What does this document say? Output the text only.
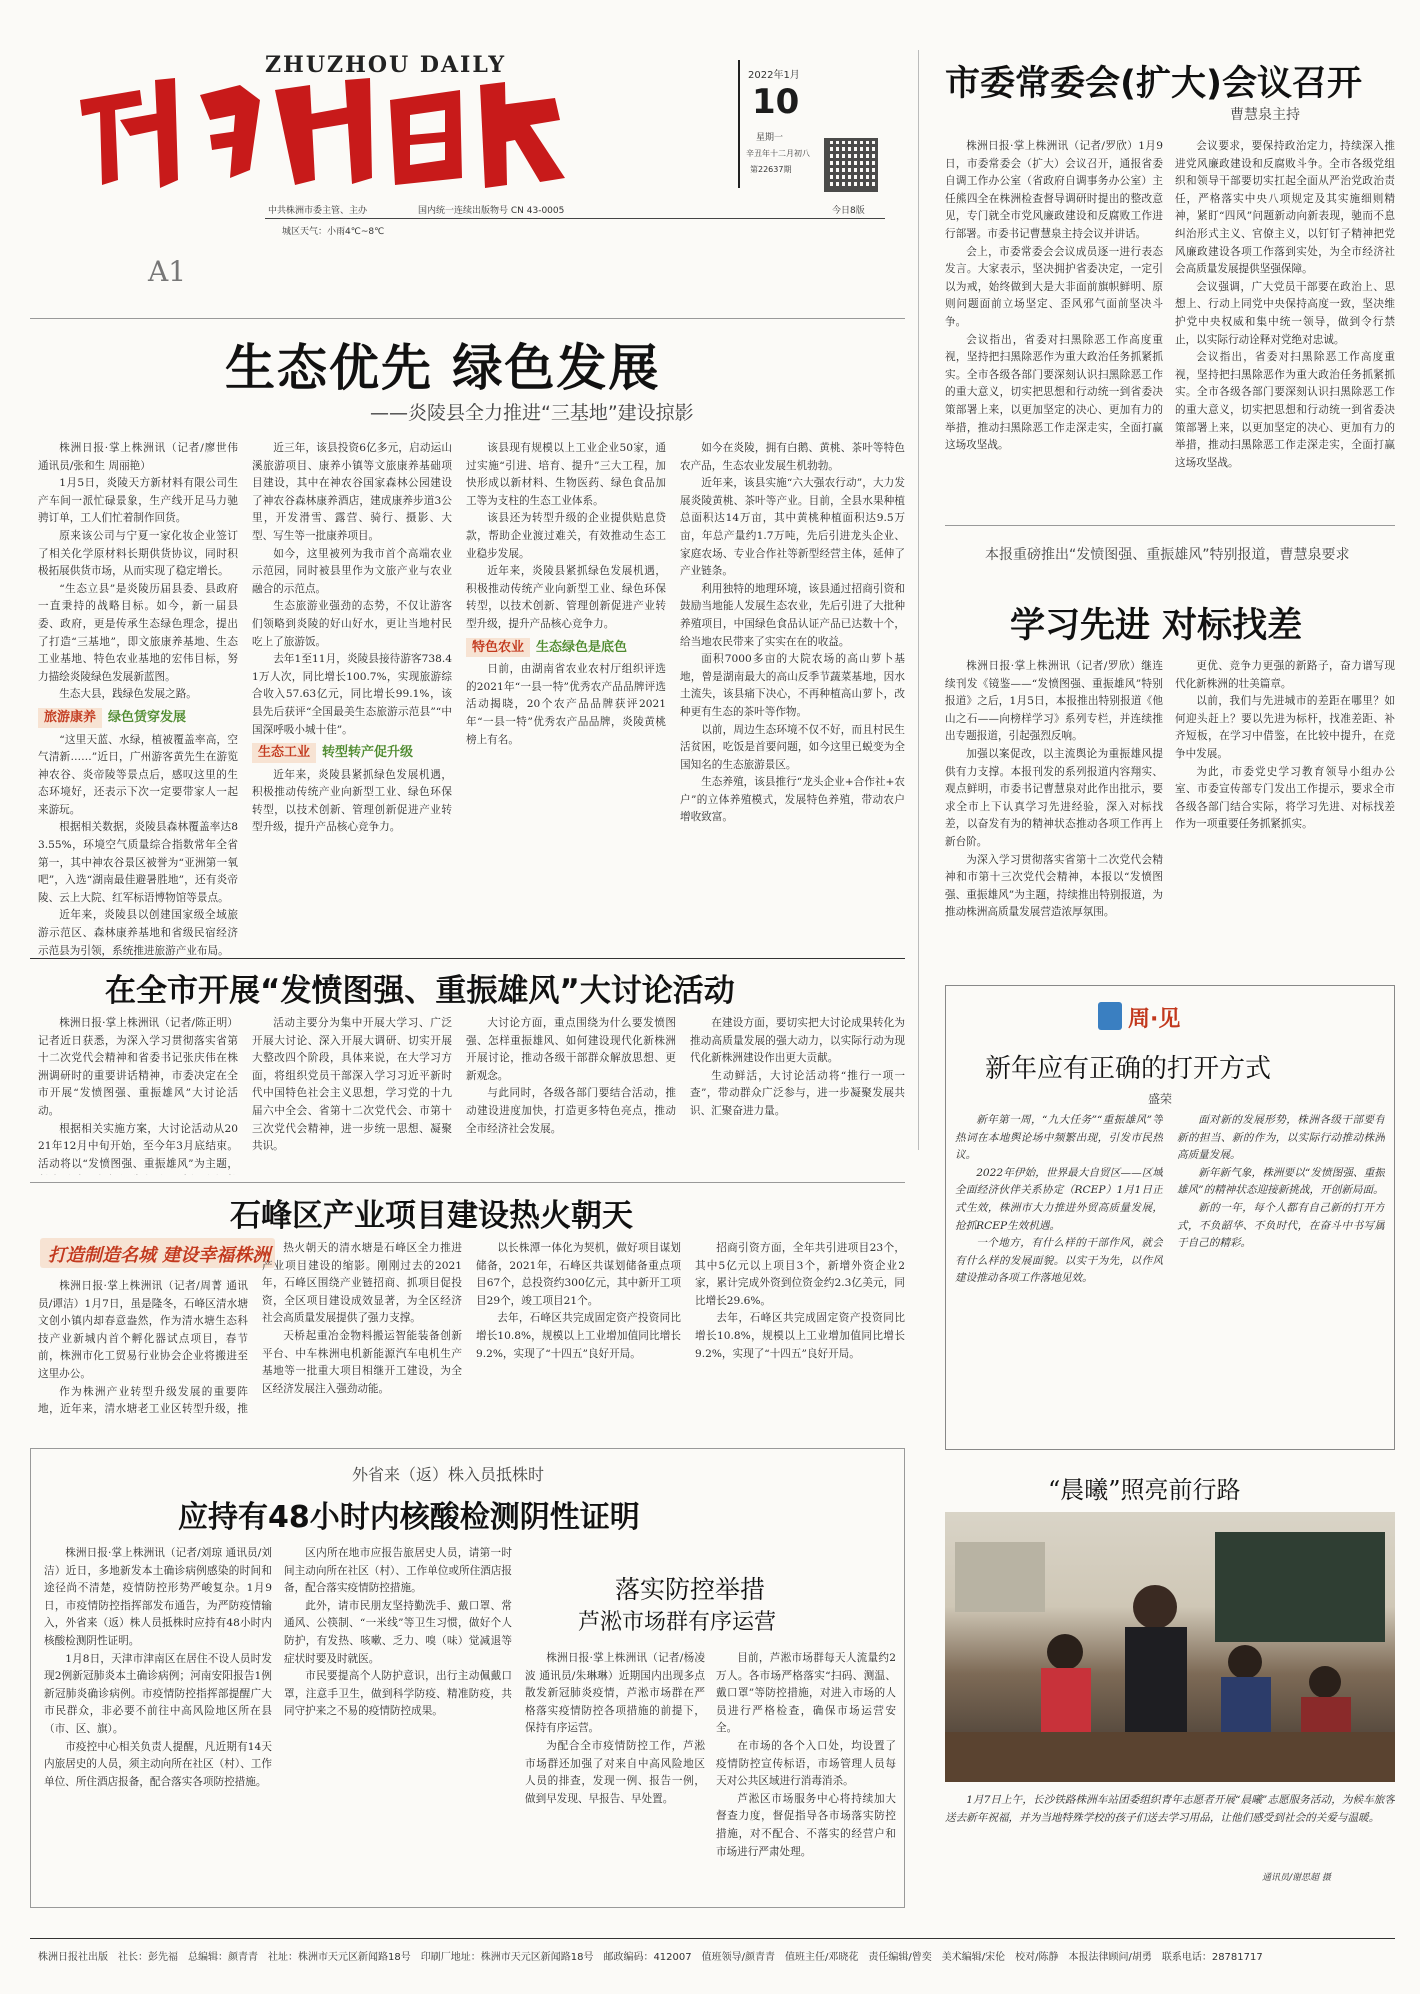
ZHUZHOU DAILY
A1
2022年1月
10
星期一
辛丑年十二月初八
第22637期
中共株洲市委主管、主办	国内统一连续出版物号 CN 43-0005
城区天气：小雨4℃~8℃
今日8版
市委常委会(扩大)会议召开
曹慧泉主持

株洲日报·掌上株洲讯（记者/罗欣）1月9日，市委常委会（扩大）会议召开，通报省委自调工作办公室（省政府自调事务办公室）主任熊四全在株洲检查督导调研时提出的整改意见，专门就全市党风廉政建设和反腐败工作进行部署。市委书记曹慧泉主持会议并讲话。

会上，市委常委会会议成员逐一进行表态发言。大家表示，坚决拥护省委决定，一定引以为戒，始终做到大是大非面前旗帜鲜明、原则问题面前立场坚定、歪风邪气面前坚决斗争。

会议指出，省委对扫黑除恶工作高度重视，坚持把扫黑除恶作为重大政治任务抓紧抓实。全市各级各部门要深刻认识扫黑除恶工作的重大意义，切实把思想和行动统一到省委决策部署上来，以更加坚定的决心、更加有力的举措，推动扫黑除恶工作走深走实，全面打赢这场攻坚战。

会议要求，要保持政治定力，持续深入推进党风廉政建设和反腐败斗争。全市各级党组织和领导干部要切实扛起全面从严治党政治责任，严格落实中央八项规定及其实施细则精神，紧盯“四风”问题新动向新表现，驰而不息纠治形式主义、官僚主义，以钉钉子精神把党风廉政建设各项工作落到实处，为全市经济社会高质量发展提供坚强保障。

会议强调，广大党员干部要在政治上、思想上、行动上同党中央保持高度一致，坚决维护党中央权威和集中统一领导，做到令行禁止，以实际行动诠释对党绝对忠诚。

会议指出，省委对扫黑除恶工作高度重视，坚持把扫黑除恶作为重大政治任务抓紧抓实。全市各级各部门要深刻认识扫黑除恶工作的重大意义，切实把思想和行动统一到省委决策部署上来，以更加坚定的决心、更加有力的举措，推动扫黑除恶工作走深走实，全面打赢这场攻坚战。

本报重磅推出“发愤图强、重振雄风”特别报道，曹慧泉要求
学习先进 对标找差

株洲日报·掌上株洲讯（记者/罗欣）继连续刊发《镜鉴——“发愤图强、重振雄风”特别报道》之后，1月5日，本报推出特别报道《他山之石——向榜样学习》系列专栏，并连续推出专题报道，引起强烈反响。

加强以案促改，以主流舆论为重振雄风提供有力支撑。本报刊发的系列报道内容翔实、观点鲜明，市委书记曹慧泉对此作出批示，要求全市上下认真学习先进经验，深入对标找差，以奋发有为的精神状态推动各项工作再上新台阶。

为深入学习贯彻落实省第十二次党代会精神和市第十三次党代会精神，本报以“发愤图强、重振雄风”为主题，持续推出特别报道，为推动株洲高质量发展营造浓厚氛围。

更优、竞争力更强的新路子，奋力谱写现代化新株洲的壮美篇章。

以前，我们与先进城市的差距在哪里？如何迎头赶上？要以先进为标杆，找准差距、补齐短板，在学习中借鉴，在比较中提升，在竞争中发展。

为此，市委党史学习教育领导小组办公室、市委宣传部专门发出工作提示，要求全市各级各部门结合实际，将学习先进、对标找差作为一项重要任务抓紧抓实。

生态优先 绿色发展
——炎陵县全力推进“三基地”建设掠影

株洲日报·掌上株洲讯（记者/廖世伟 通讯员/张和生 周丽艳）

1月5日，炎陵天方新材料有限公司生产车间一派忙碌景象，生产线开足马力驰骋订单，工人们忙着制作回货。

原来该公司与宁夏一家化妆企业签订了相关化学原材料长期供货协议，同时积极拓展供货市场，从而实现了稳定增长。

“生态立县”是炎陵历届县委、县政府一直秉持的战略目标。如今，新一届县委、政府，更是传承生态绿色理念，提出了打造“三基地”，即文旅康养基地、生态工业基地、特色农业基地的宏伟目标，努力描绘炎陵绿色发展新蓝图。

生态大县，践绿色发展之路。

旅游康养 绿色赁穿发展

“这里天蓝、水绿，植被覆盖率高，空气清新……”近日，广州游客黄先生在游览神农谷、炎帝陵等景点后，感叹这里的生态环境好，还表示下次一定要带家人一起来游玩。

根据相关数据，炎陵县森林覆盖率达83.55%，环境空气质量综合指数常年全省第一，其中神农谷景区被誉为“亚洲第一氧吧”，入选“湖南最佳避暑胜地”，还有炎帝陵、云上大院、红军标语博物馆等景点。

近年来，炎陵县以创建国家级全域旅游示范区、森林康养基地和省级民宿经济示范县为引领，系统推进旅游产业布局。

近三年，该县投资6亿多元，启动运山溪旅游项目、康养小镇等文旅康养基础项目建设，其中在神农谷国家森林公园建设了神农谷森林康养酒店，建成康养步道3公里，开发滑雪、露营、骑行、摄影、大型、写生等一批康养项目。

如今，这里被列为我市首个高端农业示范园，同时被县里作为文旅产业与农业融合的示范点。

生态旅游业强劲的态势，不仅让游客们领略到炎陵的好山好水，更让当地村民吃上了旅游饭。

去年1至11月，炎陵县接待游客738.41万人次，同比增长100.7%，实现旅游综合收入57.63亿元，同比增长99.1%，该县先后获评“全国最美生态旅游示范县”“中国深呼吸小城十佳”。

生态工业 转型转产促升级

近年来，炎陵县紧抓绿色发展机遇，积极推动传统产业向新型工业、绿色环保转型，以技术创新、管理创新促进产业转型升级，提升产品核心竞争力。

该县现有规模以上工业企业50家，通过实施“引进、培育、提升”三大工程，加快形成以新材料、生物医药、绿色食品加工等为支柱的生态工业体系。

该县还为转型升级的企业提供贴息贷款，帮助企业渡过难关，有效推动生态工业稳步发展。

近年来，炎陵县紧抓绿色发展机遇，积极推动传统产业向新型工业、绿色环保转型，以技术创新、管理创新促进产业转型升级，提升产品核心竞争力。

特色农业 生态绿色是底色

日前，由湖南省农业农村厅组织评选的2021年“一县一特”优秀农产品品牌评选活动揭晓，20个农产品品牌获评2021年“一县一特”优秀农产品品牌，炎陵黄桃榜上有名。

如今在炎陵，拥有白鹅、黄桃、茶叶等特色农产品，生态农业发展生机勃勃。

近年来，该县实施“六大强农行动”，大力发展炎陵黄桃、茶叶等产业。目前，全县水果种植总面积达14万亩，其中黄桃种植面积达9.5万亩，年总产量约1.7万吨，先后引进龙头企业、家庭农场、专业合作社等新型经营主体，延伸了产业链条。

利用独特的地理环境，该县通过招商引资和鼓励当地能人发展生态农业，先后引进了大批种养殖项目，中国绿色食品认证产品已达数十个，给当地农民带来了实实在在的收益。

面积7000多亩的大院农场的高山萝卜基地，曾是湖南最大的高山反季节蔬菜基地，因水土流失，该县痛下决心，不再种植高山萝卜，改种更有生态的茶叶等作物。

以前，周边生态环境不仅不好，而且村民生活贫困，吃饭是首要问题，如今这里已蜕变为全国知名的生态旅游景区。

生态养殖，该县推行“龙头企业+合作社+农户”的立体养殖模式，发展特色养殖，带动农户增收致富。

在全市开展“发愤图强、重振雄风”大讨论活动

株洲日报·掌上株洲讯（记者/陈正明）记者近日获悉，为深入学习贯彻落实省第十二次党代会精神和省委书记张庆伟在株洲调研时的重要讲话精神，市委决定在全市开展“发愤图强、重振雄风”大讨论活动。

根据相关实施方案，大讨论活动从2021年12月中旬开始，至今年3月底结束。活动将以“发愤图强、重振雄风”为主题，

活动主要分为集中开展大学习、广泛开展大讨论、深入开展大调研、切实开展大整改四个阶段，具体来说，在大学习方面，将组织党员干部深入学习习近平新时代中国特色社会主义思想，学习党的十九届六中全会、省第十二次党代会、市第十三次党代会精神，进一步统一思想、凝聚共识。

大讨论方面，重点围绕为什么要发愤图强、怎样重振雄风、如何建设现代化新株洲开展讨论，推动各级干部群众解放思想、更新观念。

与此同时，各级各部门要结合活动，推动建设进度加快，打造更多特色亮点，推动全市经济社会发展。

在建设方面，要切实把大讨论成果转化为推动高质量发展的强大动力，以实际行动为现代化新株洲建设作出更大贡献。

生动鲜活，大讨论活动将“推行一项一查”，带动群众广泛参与，进一步凝聚发展共识、汇聚奋进力量。

石峰区产业项目建设热火朝天
打造制造名城 建设幸福株洲

株洲日报·掌上株洲讯（记者/周菁 通讯员/谭洁）1月7日，虽是隆冬，石峰区清水塘文创小镇内却春意盎然，作为清水塘生态科技产业新城内首个孵化器试点项目，春节前，株洲市化工贸易行业协会企业将搬进至这里办公。

作为株洲产业转型升级发展的重要阵地，近年来，清水塘老工业区转型升级，推

热火朝天的清水塘是石峰区全力推进产业项目建设的缩影。刚刚过去的2021年，石峰区围绕产业链招商、抓项目促投资，全区项目建设成效显著，为全区经济社会高质量发展提供了强力支撑。

天桥起重冶金物料搬运智能装备创新平台、中车株洲电机新能源汽车电机生产基地等一批重大项目相继开工建设，为全区经济发展注入强劲动能。

以长株潭一体化为契机，做好项目谋划储备，2021年，石峰区共谋划储备重点项目67个，总投资约300亿元，其中新开工项目29个，竣工项目21个。

去年，石峰区共完成固定资产投资同比增长10.8%，规模以上工业增加值同比增长9.2%，实现了“十四五”良好开局。

招商引资方面，全年共引进项目23个，其中5亿元以上项目3个，新增外资企业2家，累计完成外资到位资金约2.3亿美元，同比增长29.6%。

去年，石峰区共完成固定资产投资同比增长10.8%，规模以上工业增加值同比增长9.2%，实现了“十四五”良好开局。

周·见
新年应有正确的打开方式
盛荣

新年第一周，“九大任务”“重振雄风”等热词在本地舆论场中频繁出现，引发市民热议。

2022年伊始，世界最大自贸区——区域全面经济伙伴关系协定（RCEP）1月1日正式生效，株洲市大力推进外贸高质量发展，抢抓RCEP生效机遇。

一个地方，有什么样的干部作风，就会有什么样的发展面貌。以实干为先，以作风建设推动各项工作落地见效。

面对新的发展形势，株洲各级干部要有新的担当、新的作为，以实际行动推动株洲高质量发展。

新年新气象，株洲要以“发愤图强、重振雄风”的精神状态迎接新挑战，开创新局面。

新的一年，每个人都有自己新的打开方式，不负韶华、不负时代，在奋斗中书写属于自己的精彩。

“晨曦”照亮前行路

1月7日上午，长沙铁路株洲车站团委组织青年志愿者开展“晨曦”志愿服务活动，为候车旅客送去新年祝福，并为当地特殊学校的孩子们送去学习用品，让他们感受到社会的关爱与温暖。

通讯员/谢思超 摄
外省来（返）株入员抵株时
应持有48小时内核酸检测阴性证明

株洲日报·掌上株洲讯（记者/刘琼 通讯员/刘洁）近日，多地新发本土确诊病例感染的时间和途径尚不清楚，疫情防控形势严峻复杂。1月9日，市疫情防控指挥部发布通告，为严防疫情输入，外省来（返）株人员抵株时应持有48小时内核酸检测阴性证明。

1月8日，天津市津南区在居住不设人员时发现2例新冠肺炎本土确诊病例；河南安阳报告1例新冠肺炎确诊病例。市疫情防控指挥部提醒广大市民群众，非必要不前往中高风险地区所在县（市、区、旗）。

市疫控中心相关负责人提醒，凡近期有14天内旅居史的人员，须主动向所在社区（村）、工作单位、所住酒店报备，配合落实各项防控措施。

区内所在地市应报告旅居史人员，请第一时间主动向所在社区（村）、工作单位或所住酒店报备，配合落实疫情防控措施。

此外，请市民朋友坚持勤洗手、戴口罩、常通风、公筷制、“一米线”等卫生习惯，做好个人防护，有发热、咳嗽、乏力、嗅（味）觉减退等症状时要及时就医。

市民要提高个人防护意识，出行主动佩戴口罩，注意手卫生，做到科学防疫、精准防疫，共同守护来之不易的疫情防控成果。

落实防控举措
芦淞市场群有序运营

株洲日报·掌上株洲讯（记者/杨凌波 通讯员/朱琳琳）近期国内出现多点散发新冠肺炎疫情，芦淞市场群在严格落实疫情防控各项措施的前提下，保持有序运营。

为配合全市疫情防控工作，芦淞市场群还加强了对来自中高风险地区人员的排查，发现一例、报告一例，做到早发现、早报告、早处置。

目前，芦淞市场群每天人流量约2万人。各市场严格落实“扫码、测温、戴口罩”等防控措施，对进入市场的人员进行严格检查，确保市场运营安全。

在市场的各个入口处，均设置了疫情防控宣传标语，市场管理人员每天对公共区域进行消毒消杀。

芦淞区市场服务中心将持续加大督查力度，督促指导各市场落实防控措施，对不配合、不落实的经营户和市场进行严肃处理。

株洲日报社出版　社长：彭先福　总编辑：颜青青　社址：株洲市天元区新闻路18号　印刷厂地址：株洲市天元区新闻路18号　邮政编码：412007　值班领导/颜青青　值班主任/邓晓花　责任编辑/曾奕　美术编辑/宋伦　校对/陈静　本报法律顾问/胡勇　联系电话：28781717
